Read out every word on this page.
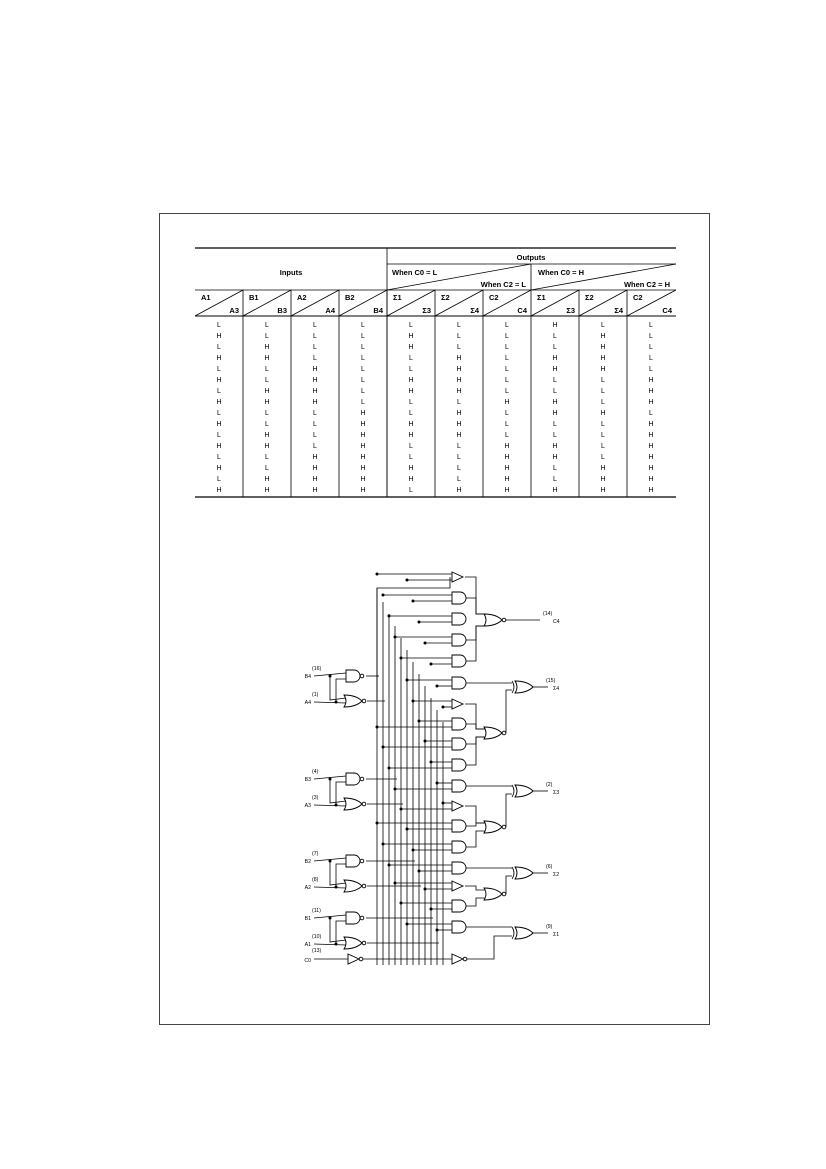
Inputs
Outputs
When C0 = L
When C2 = L
When C0 = H
When C2 = H
A1
A3
B1
B3
A2
A4
B2
B4
Σ1
Σ3
Σ2
Σ4
C2
C4
Σ1
Σ3
Σ2
Σ4
C2
C4
L	L	L	L	L	L	L	H	L	L
H	L	L	L	H	L	L	L	H	L
L	H	L	L	H	L	L	L	H	L
H	H	L	L	L	H	L	H	H	L
L	L	H	L	L	H	L	H	H	L
H	L	H	L	H	H	L	L	L	H
L	H	H	L	H	H	L	L	L	H
H	H	H	L	L	L	H	H	L	H
L	L	L	H	L	H	L	H	H	L
H	L	L	H	H	H	L	L	L	H
L	H	L	H	H	H	L	L	L	H
H	H	L	H	L	L	H	H	L	H
L	L	H	H	L	L	H	H	L	H
H	L	H	H	H	L	H	L	H	H
L	H	H	H	H	L	H	L	H	H
H	H	H	H	L	H	H	H	H	H
(16)
B4
(1)
A4
(4)
B3
(3)
A3
(7)
B2
(8)
A2
(11)
B1
(10)
A1
(13)
C0
(14)
C4
(15)
Σ4
(2)
Σ3
(6)
Σ2
(9)
Σ1
